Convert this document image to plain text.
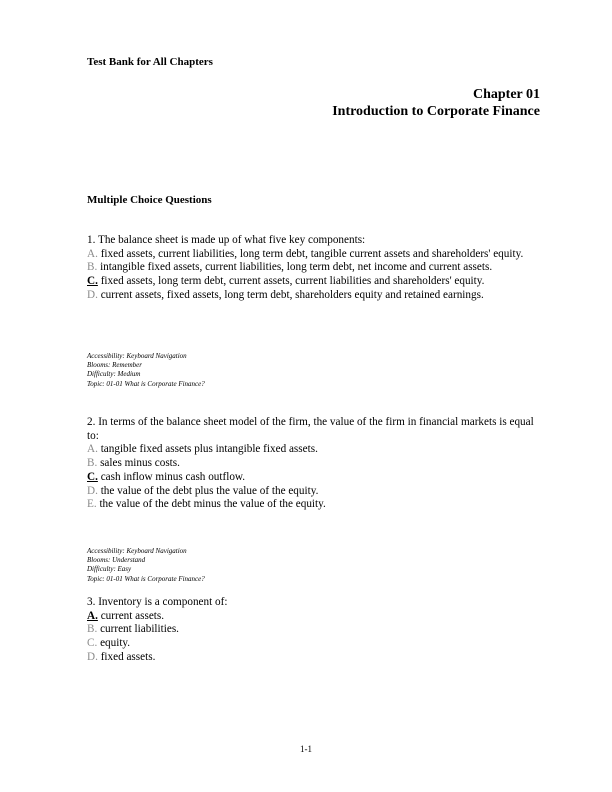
Test Bank for All Chapters
Chapter 01
Introduction to Corporate Finance
Multiple Choice Questions

1. The balance sheet is made up of what five key components:

A. fixed assets, current liabilities, long term debt, tangible current assets and shareholders' equity.

B. intangible fixed assets, current liabilities, long term debt, net income and current assets.

C. fixed assets, long term debt, current assets, current liabilities and shareholders' equity.

D. current assets, fixed assets, long term debt, shareholders equity and retained earnings.

Accessibility: Keyboard Navigation
Blooms: Remember
Difficulty: Medium
Topic: 01-01 What is Corporate Finance?

2. In terms of the balance sheet model of the firm, the value of the firm in financial markets is equal to:

A. tangible fixed assets plus intangible fixed assets.

B. sales minus costs.

C. cash inflow minus cash outflow.

D. the value of the debt plus the value of the equity.

E. the value of the debt minus the value of the equity.

Accessibility: Keyboard Navigation
Blooms: Understand
Difficulty: Easy
Topic: 01-01 What is Corporate Finance?

3. Inventory is a component of:

A. current assets.

B. current liabilities.

C. equity.

D. fixed assets.

1-1
